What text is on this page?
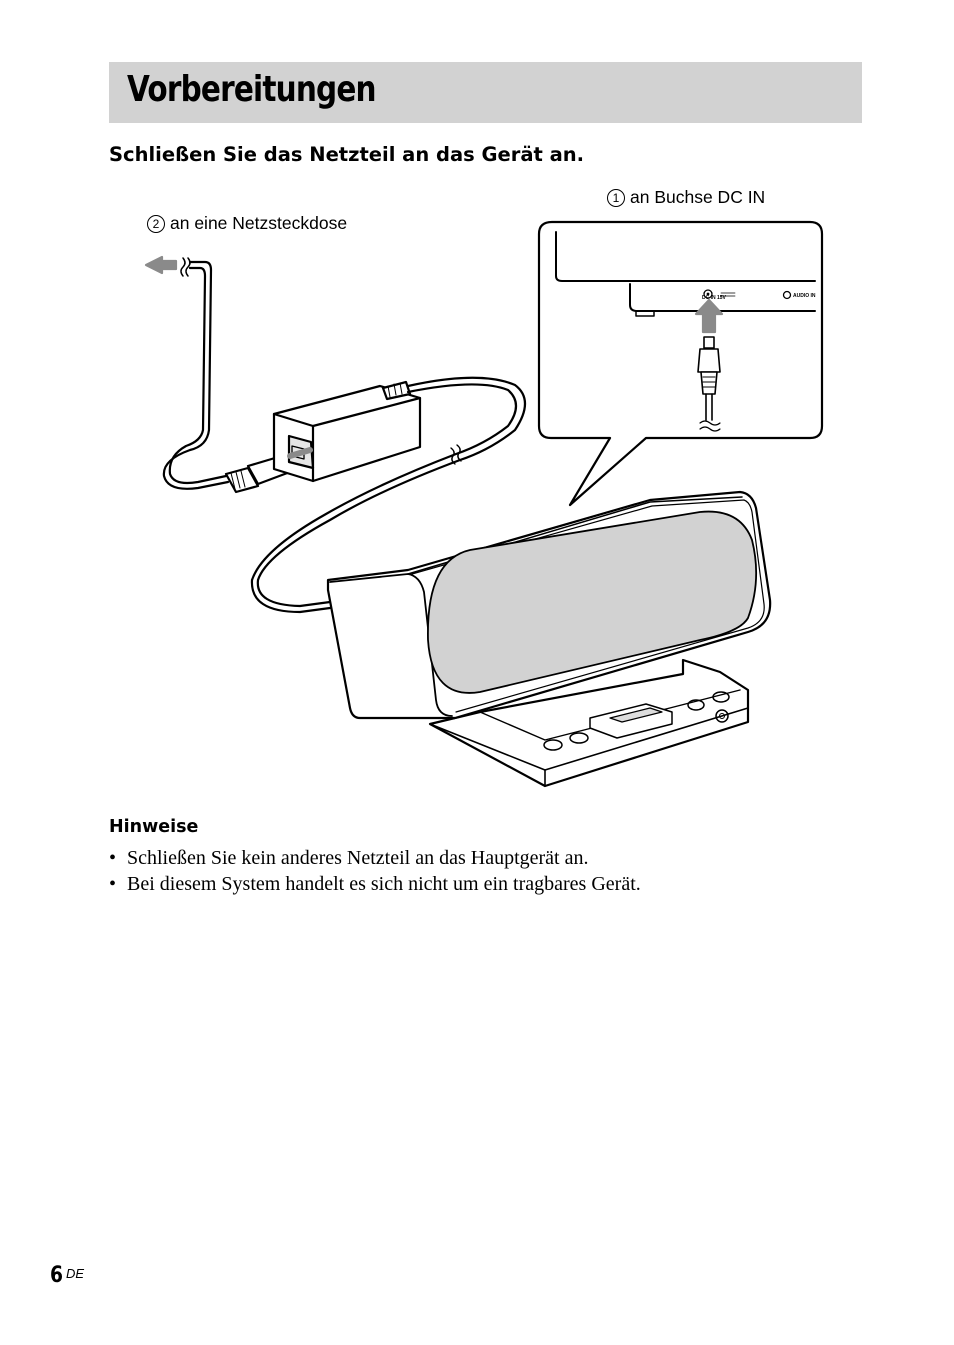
Vorbereitungen
Schließen Sie das Netzteil an das Gerät an.
1 an Buchse DC IN
2 an eine Netzsteckdose
DC IN 15V	AUDIO IN
Hinweise
• Schließen Sie kein anderes Netzteil an das Hauptgerät an.
• Bei diesem System handelt es sich nicht um ein tragbares Gerät.
6 DE
